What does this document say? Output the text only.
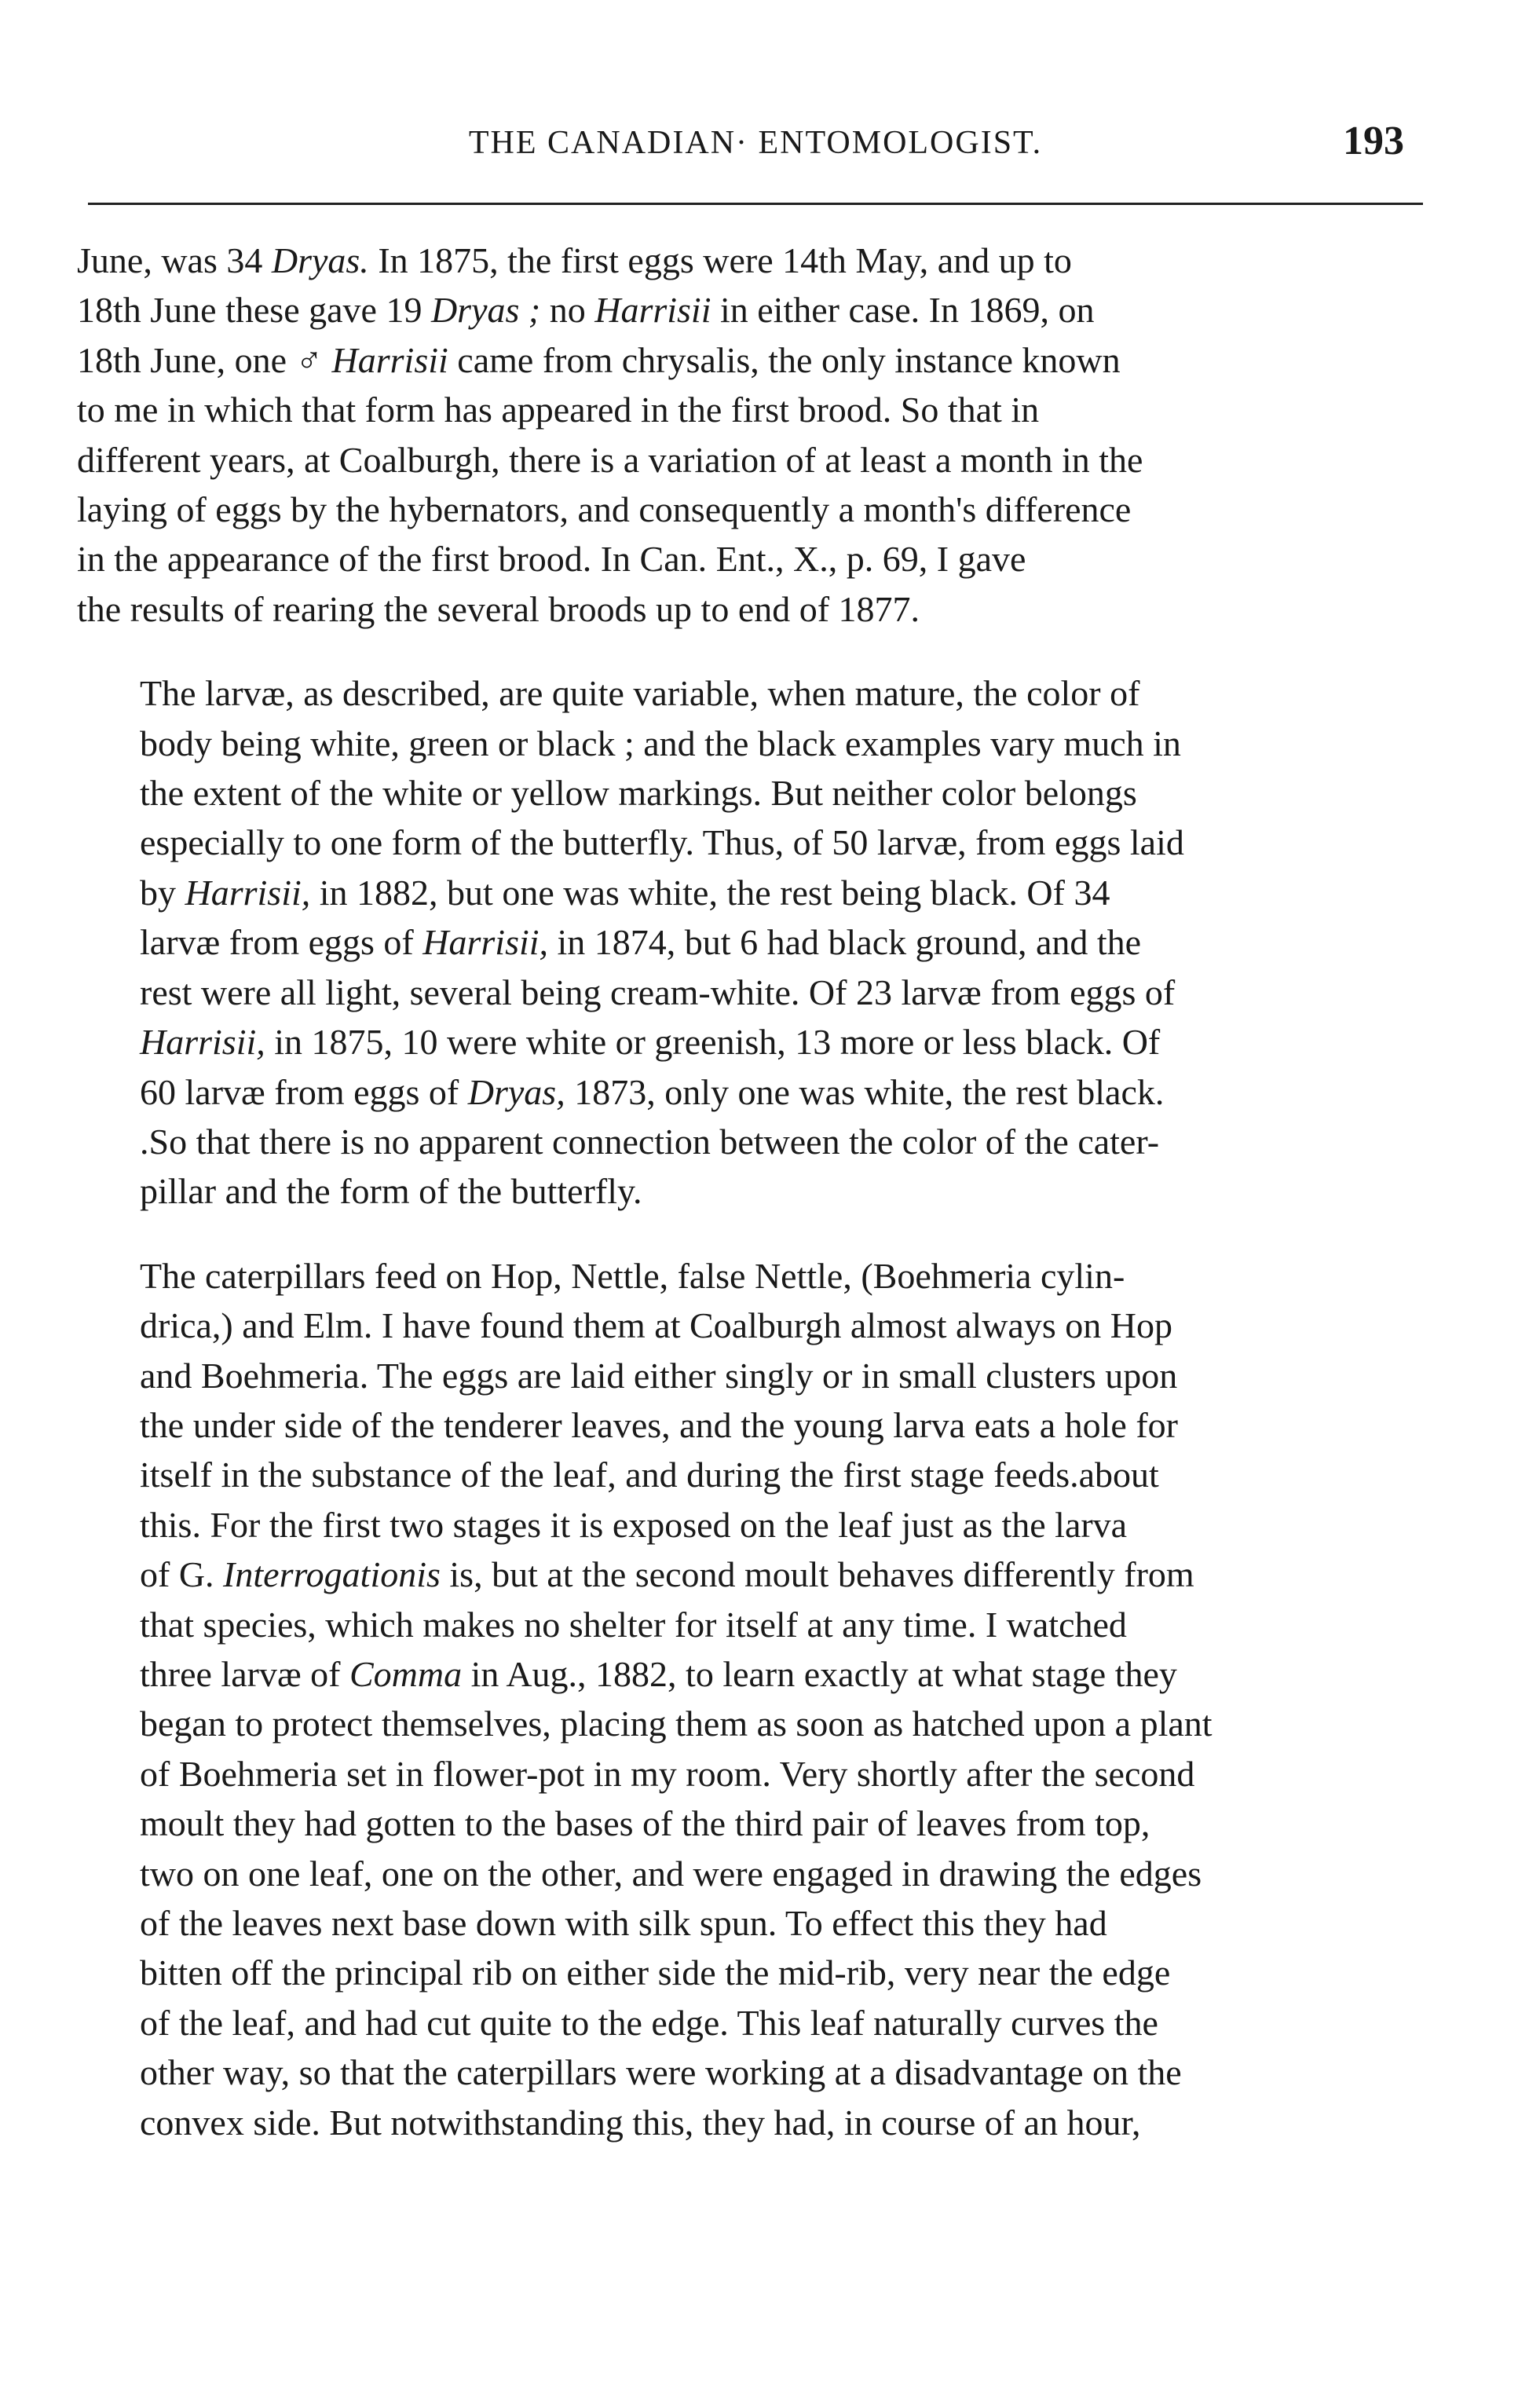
THE CANADIAN· ENTOMOLOGIST.	193

June, was 34 Dryas. In 1875, the first eggs were 14th May, and up to
18th June these gave 19 Dryas ; no Harrisii in either case. In 1869, on
18th June, one ♂ Harrisii came from chrysalis, the only instance known
to me in which that form has appeared in the first brood. So that in
different years, at Coalburgh, there is a variation of at least a month in the
laying of eggs by the hybernators, and consequently a month's difference
in the appearance of the first brood. In Can. Ent., X., p. 69, I gave
the results of rearing the several broods up to end of 1877.

The larvæ, as described, are quite variable, when mature, the color of
body being white, green or black ; and the black examples vary much in
the extent of the white or yellow markings. But neither color belongs
especially to one form of the butterfly. Thus, of 50 larvæ, from eggs laid
by Harrisii, in 1882, but one was white, the rest being black. Of 34
larvæ from eggs of Harrisii, in 1874, but 6 had black ground, and the
rest were all light, several being cream-white. Of 23 larvæ from eggs of
Harrisii, in 1875, 10 were white or greenish, 13 more or less black. Of
60 larvæ from eggs of Dryas, 1873, only one was white, the rest black.
.So that there is no apparent connection between the color of the cater-
pillar and the form of the butterfly.

The caterpillars feed on Hop, Nettle, false Nettle, (Boehmeria cylin-
drica,) and Elm. I have found them at Coalburgh almost always on Hop
and Boehmeria. The eggs are laid either singly or in small clusters upon
the under side of the tenderer leaves, and the young larva eats a hole for
itself in the substance of the leaf, and during the first stage feeds.about
this. For the first two stages it is exposed on the leaf just as the larva
of G. Interrogationis is, but at the second moult behaves differently from
that species, which makes no shelter for itself at any time. I watched
three larvæ of Comma in Aug., 1882, to learn exactly at what stage they
began to protect themselves, placing them as soon as hatched upon a plant
of Boehmeria set in flower-pot in my room. Very shortly after the second
moult they had gotten to the bases of the third pair of leaves from top,
two on one leaf, one on the other, and were engaged in drawing the edges
of the leaves next base down with silk spun. To effect this they had
bitten off the principal rib on either side the mid-rib, very near the edge
of the leaf, and had cut quite to the edge. This leaf naturally curves the
other way, so that the caterpillars were working at a disadvantage on the
convex side. But notwithstanding this, they had, in course of an hour,
